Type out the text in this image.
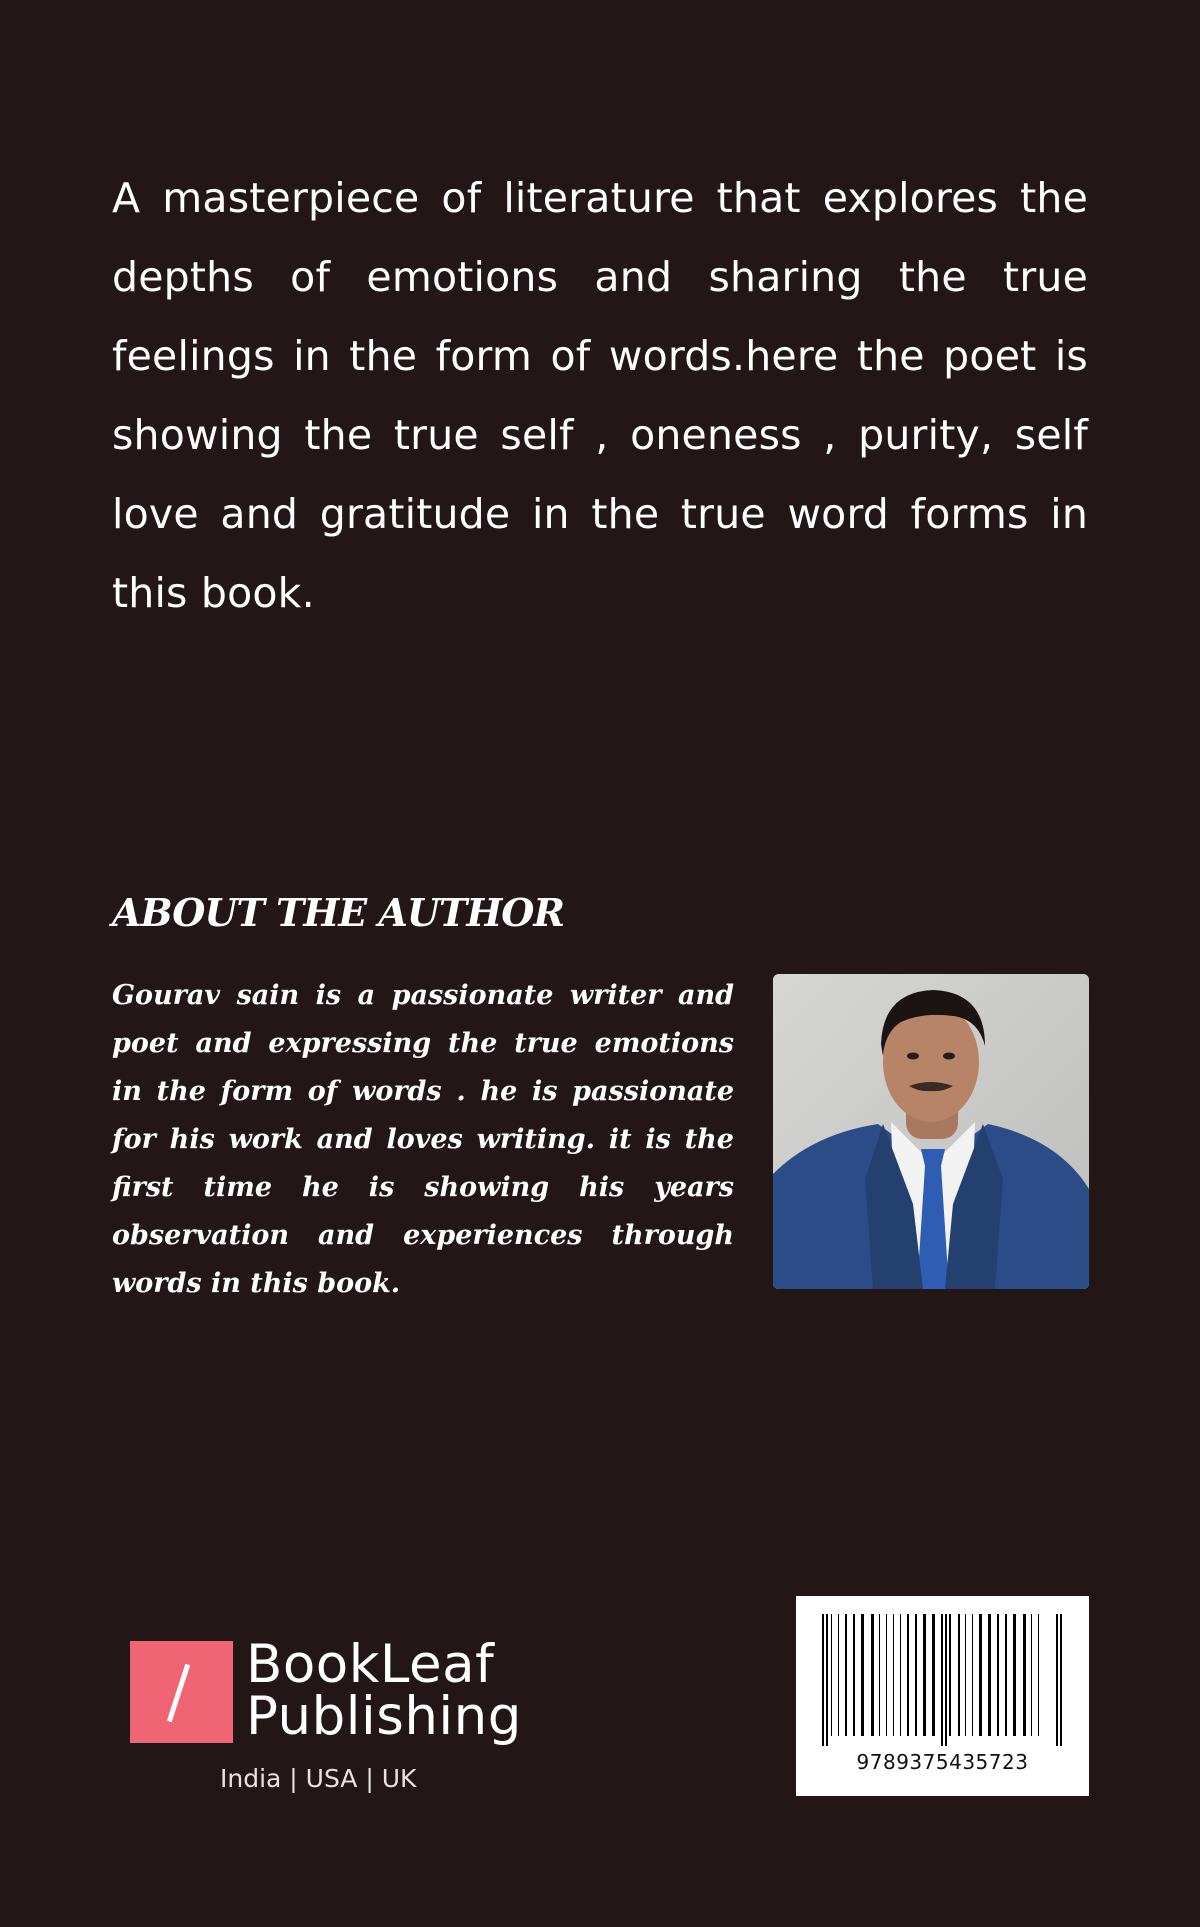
A masterpiece of literature that explores the depths of emotions and sharing the true feelings in the form of words.here the poet is showing the true self , oneness , purity, self love and gratitude in the true word forms in this book.

ABOUT THE AUTHOR

Gourav sain is a passionate writer and poet and expressing the true emotions in the form of words . he is passionate for his work and loves writing. it is the first time he is showing his years observation and experiences through words in this book.

BookLeaf
Publishing
India | USA | UK
9789375435723
